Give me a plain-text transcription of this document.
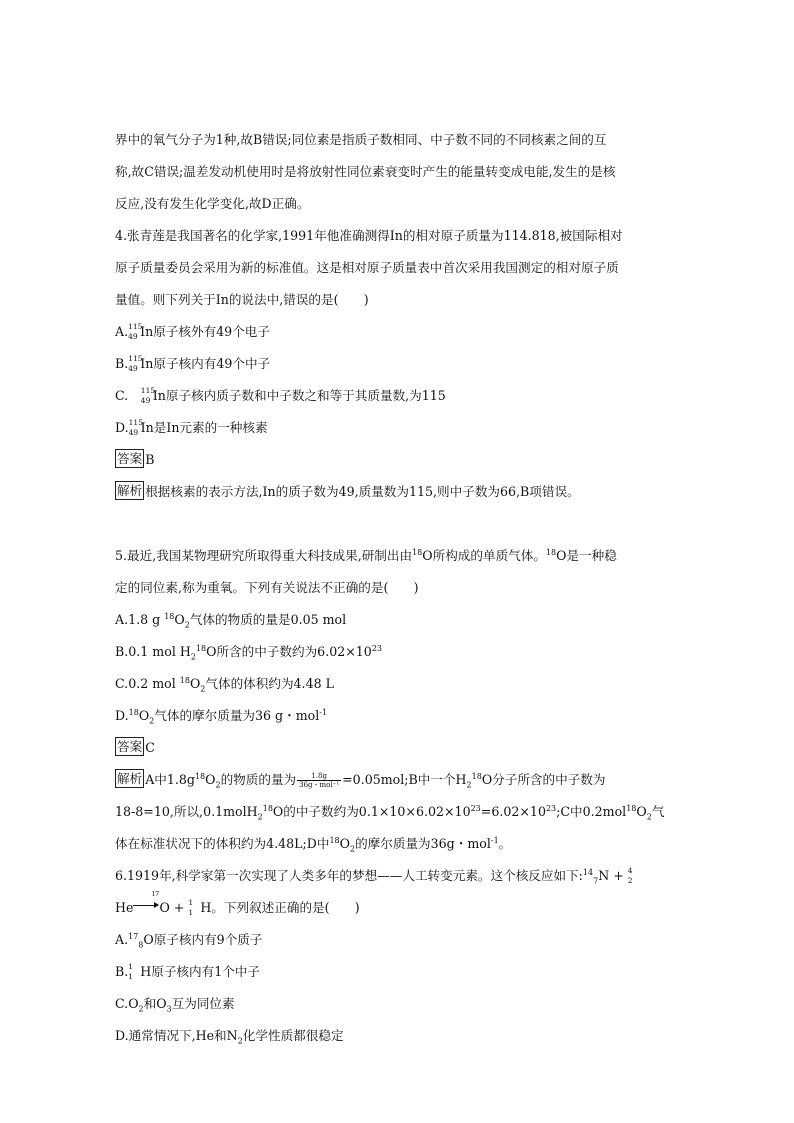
界中的氧气分子为1种,故B错误;同位素是指质子数相同、中子数不同的不同核素之间的互
称,故C错误;温差发动机使用时是将放射性同位素衰变时产生的能量转变成电能,发生的是核
反应,没有发生化学变化,故D正确。
4.张青莲是我国著名的化学家,1991年他准确测得In的相对原子质量为114.818,被国际相对
原子质量委员会采用为新的标准值。这是相对原子质量表中首次采用我国测定的相对原子质
量值。则下列关于In的说法中,错误的是(　　)
A. 115
49 In原子核外有49个电子
B. 115
49 In原子核内有49个中子
C.　 115
49 In原子核内质子数和中子数之和等于其质量数,为115
D. 115
49 In是In元素的一种核素
答案 B
解析 根据核素的表示方法,In的质子数为49,质量数为115,则中子数为66,B项错误。
5.最近,我国某物理研究所取得重大科技成果,研制出由$^{18}$O所构成的单质气体。$^{18}$O是一种稳
定的同位素,称为重氧。下列有关说法不正确的是(　　)
A.1.8 g $^{18}O_2$气体的物质的量是0.05 mol
B.0.1 mol $H_2^{18}O$所含的中子数约为$6.02\times 10^{23}$
C.0.2 mol $^{18}O_2$气体的体积约为4.48 L
$D.^{18}O_2$气体的摩尔质量为36 g・mol$^{-1}$
答案 C
解析 A中$1.8g^{18}O_2$的物质的量为 $\frac{1.8g}{\text{36g・mol⁻¹}}$ =0.05mol;B中一个$H_2^{18}O$分子所含的中子数为
18-8=10,所以,0.1molH$_2^{18}$O的中子数约为$0.1\times 10\times 6.02\times 10^{23}=6.02\times 10^{23};C$中$0.2mol^{18}O_2$气
体在标准状况下的体积约为4.48L;D中$^{18}O_2$的摩尔质量为36g・mol$^{-1}$。
6.1919年,科学家第一次实现了人类多年的梦想——人工转变元素。这个核反应如下:$^{14}_7$N + 4
2
He
17
O + 1
1 H。下列叙述正确的是(　　)
A.$^{17}_8$O原子核内有9个质子
B. 1
1 H原子核内有1个中子
$C.O_2$和$O_3$互为同位素
D.通常情况下,He和$N_2$化学性质都很稳定
